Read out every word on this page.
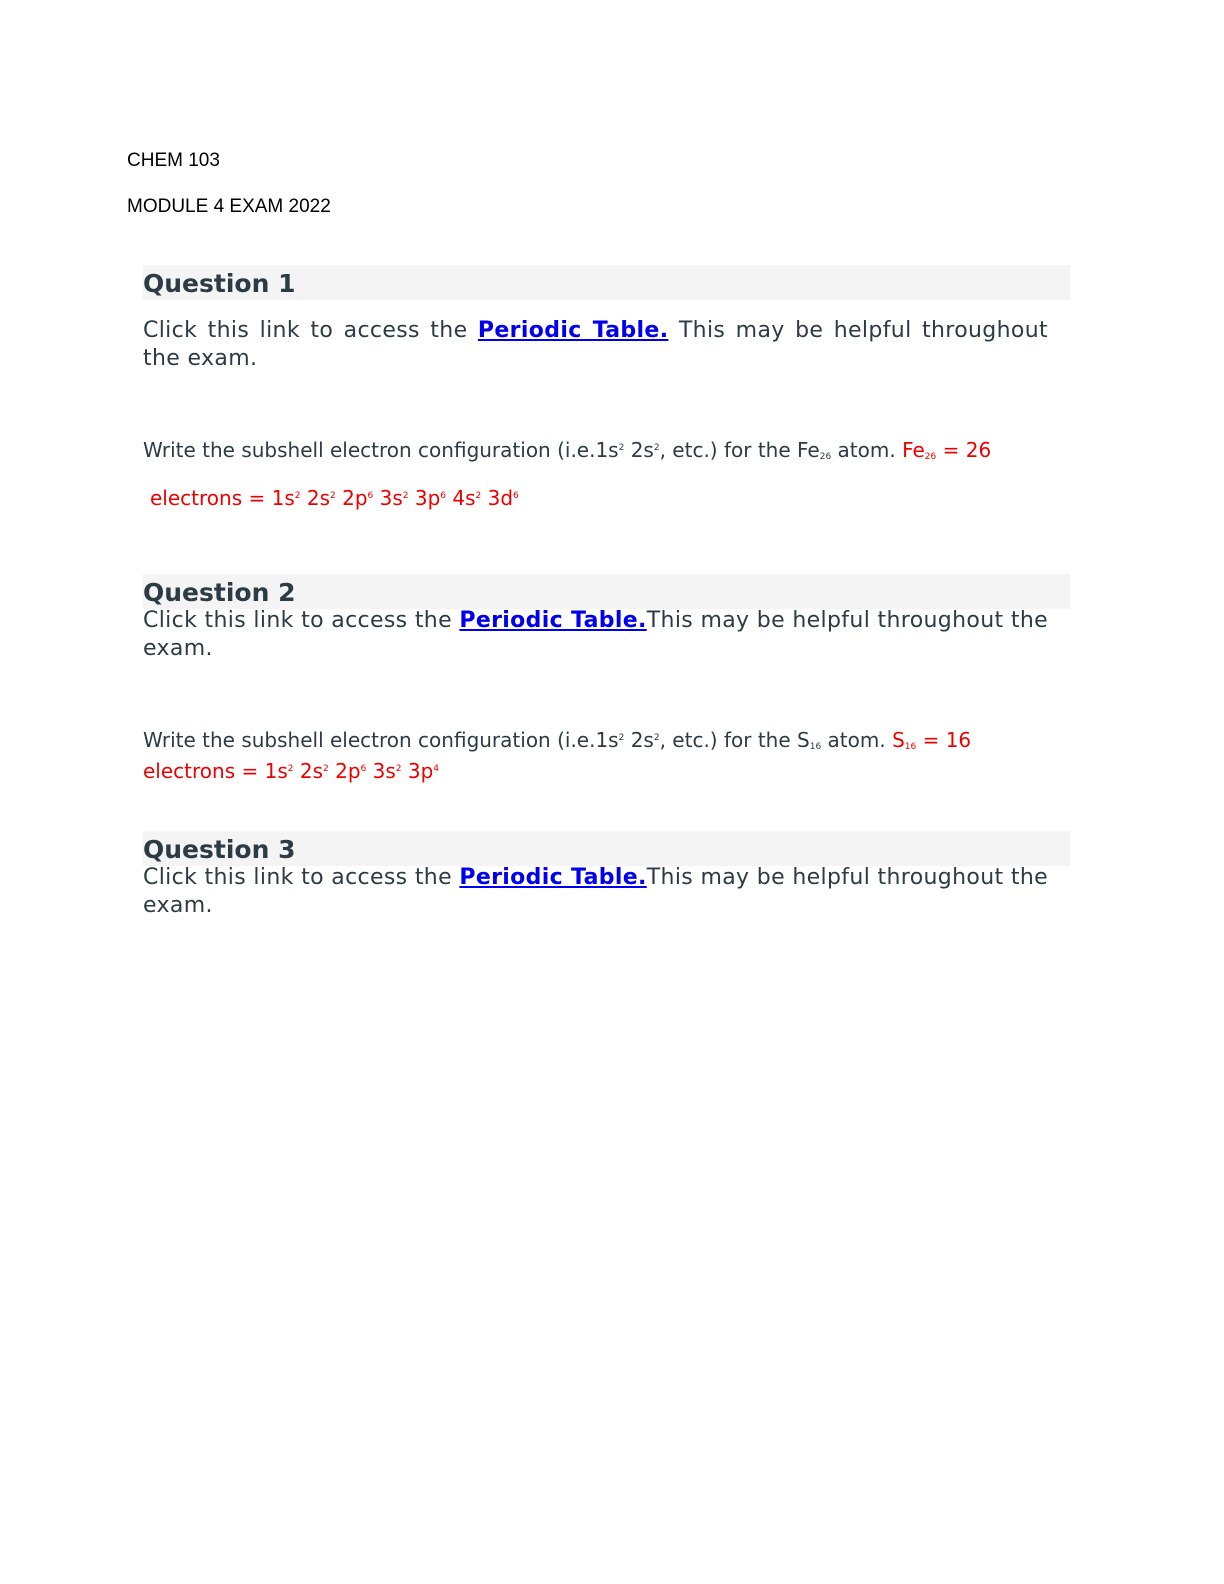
CHEM 103
MODULE 4 EXAM 2022
Question 1
Click this link to access the Periodic Table. This may be helpful throughout the exam.
Write the subshell electron configuration ($i.e.1s^2$ $2s^2$, etc.) for the $Fe_{26}$ atom. $Fe_{26} = 26$
electrons = $1s^2$ $2s^2$ $2p^6$ $3s^2$ $3p^6$ $4s^2$ $3d^6$
Question 2
Click this link to access the Periodic Table.This may be helpful throughout the exam.
Write the subshell electron configuration ($i.e.1s^2$ $2s^2$, etc.) for the $S_{16}$ atom. $S_{16} = 16$
electrons = $1s^2$ $2s^2$ $2p^6$ $3s^2$ $3p^4$
Question 3
Click this link to access the Periodic Table.This may be helpful throughout the exam.
